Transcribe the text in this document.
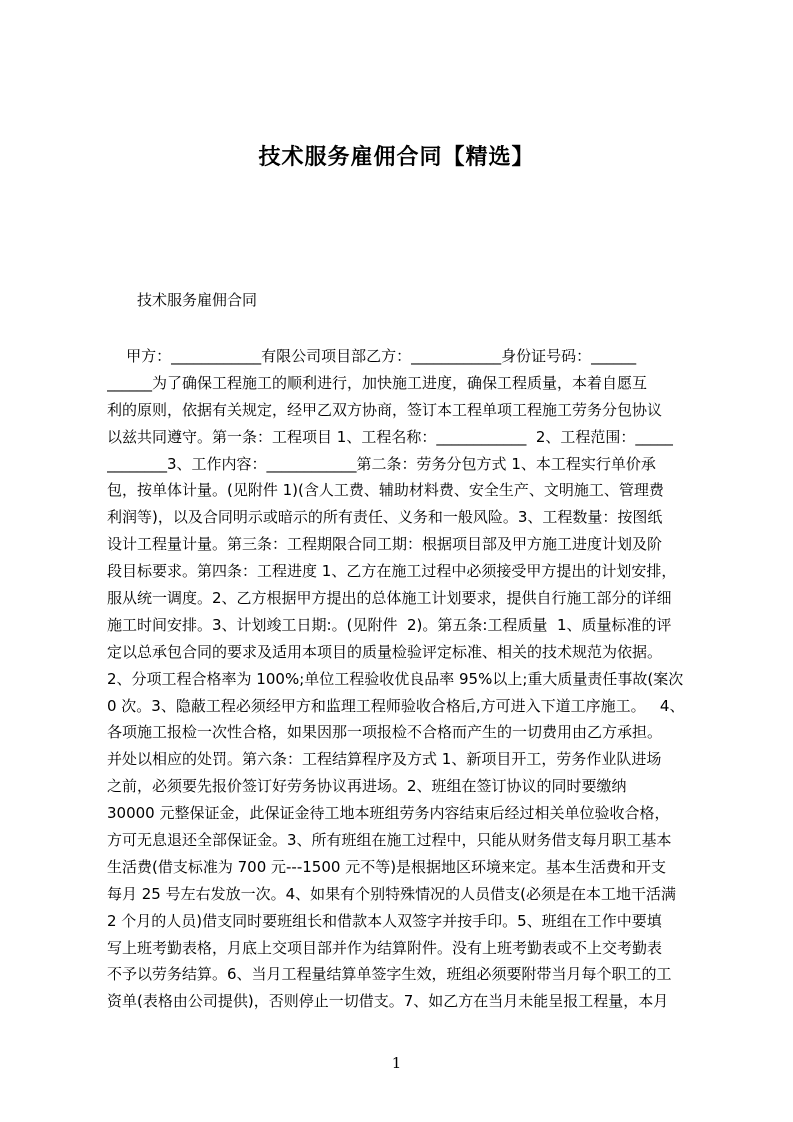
技术服务雇佣合同【精选】
技术服务雇佣合同
甲方：____________有限公司项目部乙方：____________身份证号码：______
______为了确保工程施工的顺利进行，加快施工进度，确保工程质量，本着自愿互
利的原则，依据有关规定，经甲乙双方协商，签订本工程单项工程施工劳务分包协议
以兹共同遵守。第一条：工程项目 1、工程名称：____________  2、工程范围：_____
________3、工作内容：____________第二条：劳务分包方式 1、本工程实行单价承
包，按单体计量。(见附件 1)(含人工费、辅助材料费、安全生产、文明施工、管理费
利润等)，以及合同明示或暗示的所有责任、义务和一般风险。3、工程数量：按图纸
设计工程量计量。第三条：工程期限合同工期：根据项目部及甲方施工进度计划及阶
段目标要求。第四条：工程进度 1、乙方在施工过程中必须接受甲方提出的计划安排，
服从统一调度。2、乙方根据甲方提出的总体施工计划要求，提供自行施工部分的详细
施工时间安排。3、计划竣工日期:。(见附件  2)。第五条:工程质量  1、质量标准的评
定以总承包合同的要求及适用本项目的质量检验评定标准、相关的技术规范为依据。
2、分项工程合格率为 100%;单位工程验收优良品率 95%以上;重大质量责任事故(案次
0 次。3、隐蔽工程必须经甲方和监理工程师验收合格后,方可进入下道工序施工。   4、
各项施工报检一次性合格，如果因那一项报检不合格而产生的一切费用由乙方承担。
并处以相应的处罚。第六条：工程结算程序及方式 1、新项目开工，劳务作业队进场
之前，必须要先报价签订好劳务协议再进场。2、班组在签订协议的同时要缴纳
30000 元整保证金，此保证金待工地本班组劳务内容结束后经过相关单位验收合格，
方可无息退还全部保证金。3、所有班组在施工过程中，只能从财务借支每月职工基本
生活费(借支标准为 700 元---1500 元不等)是根据地区环境来定。基本生活费和开支
每月 25 号左右发放一次。4、如果有个别特殊情况的人员借支(必须是在本工地干活满
2 个月的人员)借支同时要班组长和借款本人双签字并按手印。5、班组在工作中要填
写上班考勤表格，月底上交项目部并作为结算附件。没有上班考勤表或不上交考勤表
不予以劳务结算。6、当月工程量结算单签字生效，班组必须要附带当月每个职工的工
资单(表格由公司提供)，否则停止一切借支。7、如乙方在当月未能呈报工程量，本月
1
